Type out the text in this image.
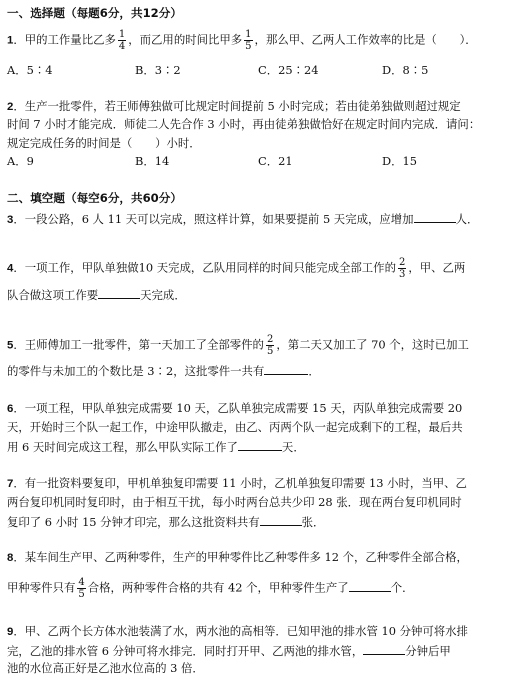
一、选择题（每题6分，共12分）
1．甲的工作量比乙多 $\frac{1}{4}$ ，而乙用的时间比甲多 $\frac{1}{5}$ ，那么甲、乙两人工作效率的比是（　　）．
A．5∶4	B．3∶2	C．25∶24	D．8∶5
2．生产一批零件，若王师傅独做可比规定时间提前 5 小时完成；若由徒弟独做则超过规定
时间 7 小时才能完成．师徒二人先合作 3 小时，再由徒弟独做恰好在规定时间内完成．请问：
规定完成任务的时间是（　　）小时．
A．9	B．14	C．21	D．15
二、填空题（每空6分，共60分）
3．一段公路，6 人 11 天可以完成，照这样计算，如果要提前 5 天完成，应增加	人．
4．一项工作，甲队单独做10 天完成，乙队用同样的时间只能完成全部工作的 $\frac{2}{3}$ ，甲、乙两
队合做这项工作要	天完成．
5．王师傅加工一批零件，第一天加工了全部零件的 $\frac{2}{5}$ ，第二天又加工了 70 个，这时已加工
的零件与未加工的个数比是 3∶2，这批零件一共有	．
6．一项工程，甲队单独完成需要 10 天，乙队单独完成需要 15 天，丙队单独完成需要 20
天，开始时三个队一起工作，中途甲队撤走，由乙、丙两个队一起完成剩下的工程，最后共
用 6 天时间完成这工程，那么甲队实际工作了	天．
7．有一批资料要复印，甲机单独复印需要 11 小时，乙机单独复印需要 13 小时，当甲、乙
两台复印机同时复印时，由于相互干扰，每小时两台总共少印 28 张．现在两台复印机同时
复印了 6 小时 15 分钟才印完，那么这批资料共有	张．
8．某车间生产甲、乙两种零件，生产的甲种零件比乙种零件多 12 个，乙种零件全部合格，
甲种零件只有 $\frac{4}{5}$ 合格，两种零件合格的共有 42 个，甲种零件生产了	个．
9．甲、乙两个长方体水池装满了水，两水池的高相等．已知甲池的排水管 10 分钟可将水排
完，乙池的排水管 6 分钟可将水排完．同时打开甲、乙两池的排水管，	分钟后甲
池的水位高正好是乙池水位高的 3 倍．
